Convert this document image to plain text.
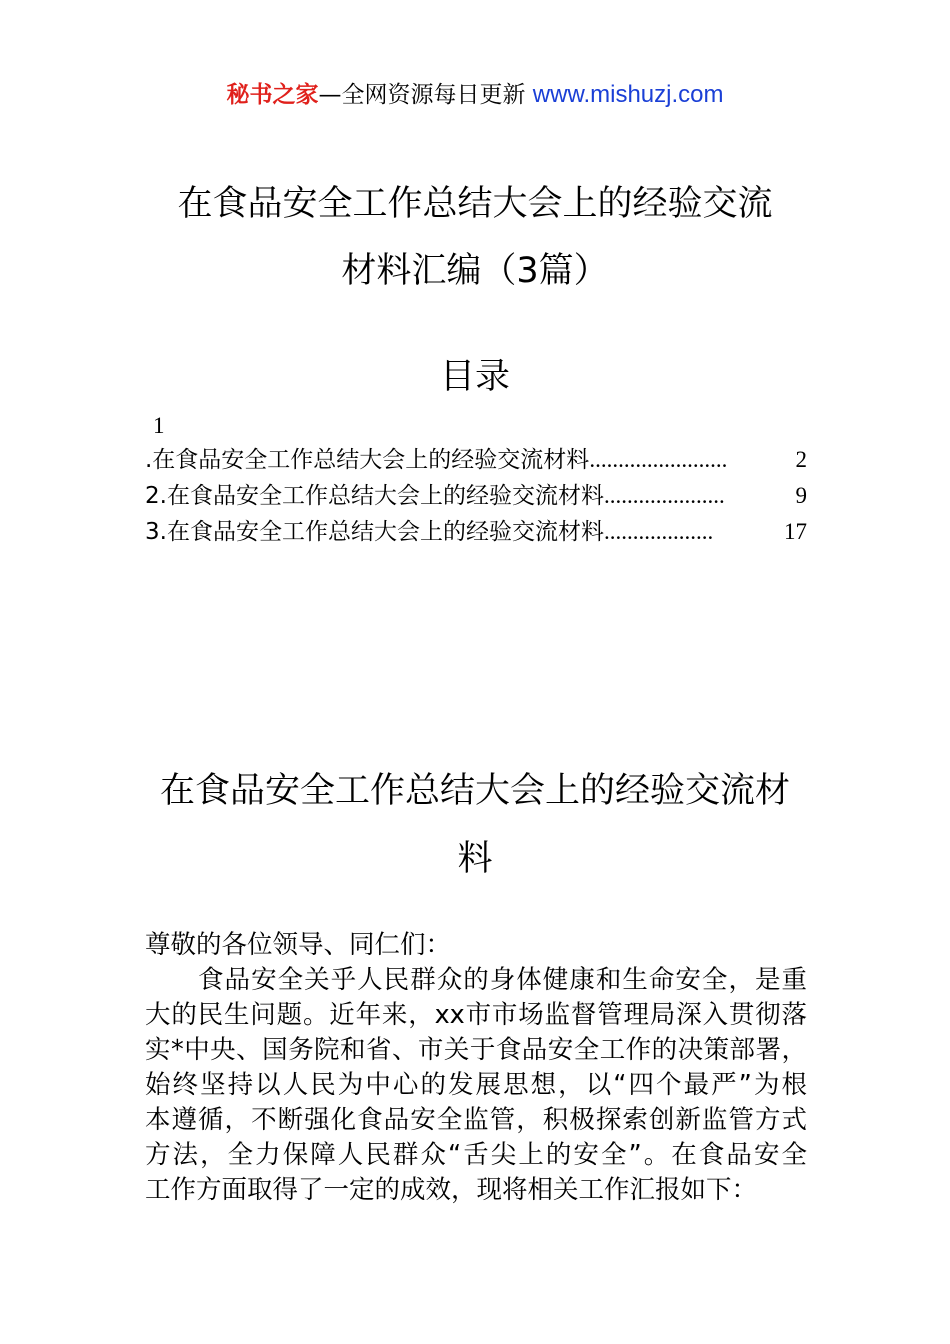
秘书之家—全网资源每日更新 www.mishuzj.com
在食品安全工作总结大会上的经验交流
材料汇编（3篇）
目录
1
.在食品安全工作总结大会上的经验交流材料........................	2
2.在食品安全工作总结大会上的经验交流材料.....................	9
3.在食品安全工作总结大会上的经验交流材料...................	17
在食品安全工作总结大会上的经验交流材
料
尊敬的各位领导、同仁们：
　　食品安全关乎人民群众的身体健康和生命安全，是重
大的民生问题。近年来，xx市市场监督管理局深入贯彻落
实*中央、国务院和省、市关于食品安全工作的决策部署，
始终坚持以人民为中心的发展思想，以“四个最严”为根
本遵循，不断强化食品安全监管，积极探索创新监管方式
方法，全力保障人民群众“舌尖上的安全”。在食品安全
工作方面取得了一定的成效，现将相关工作汇报如下：
